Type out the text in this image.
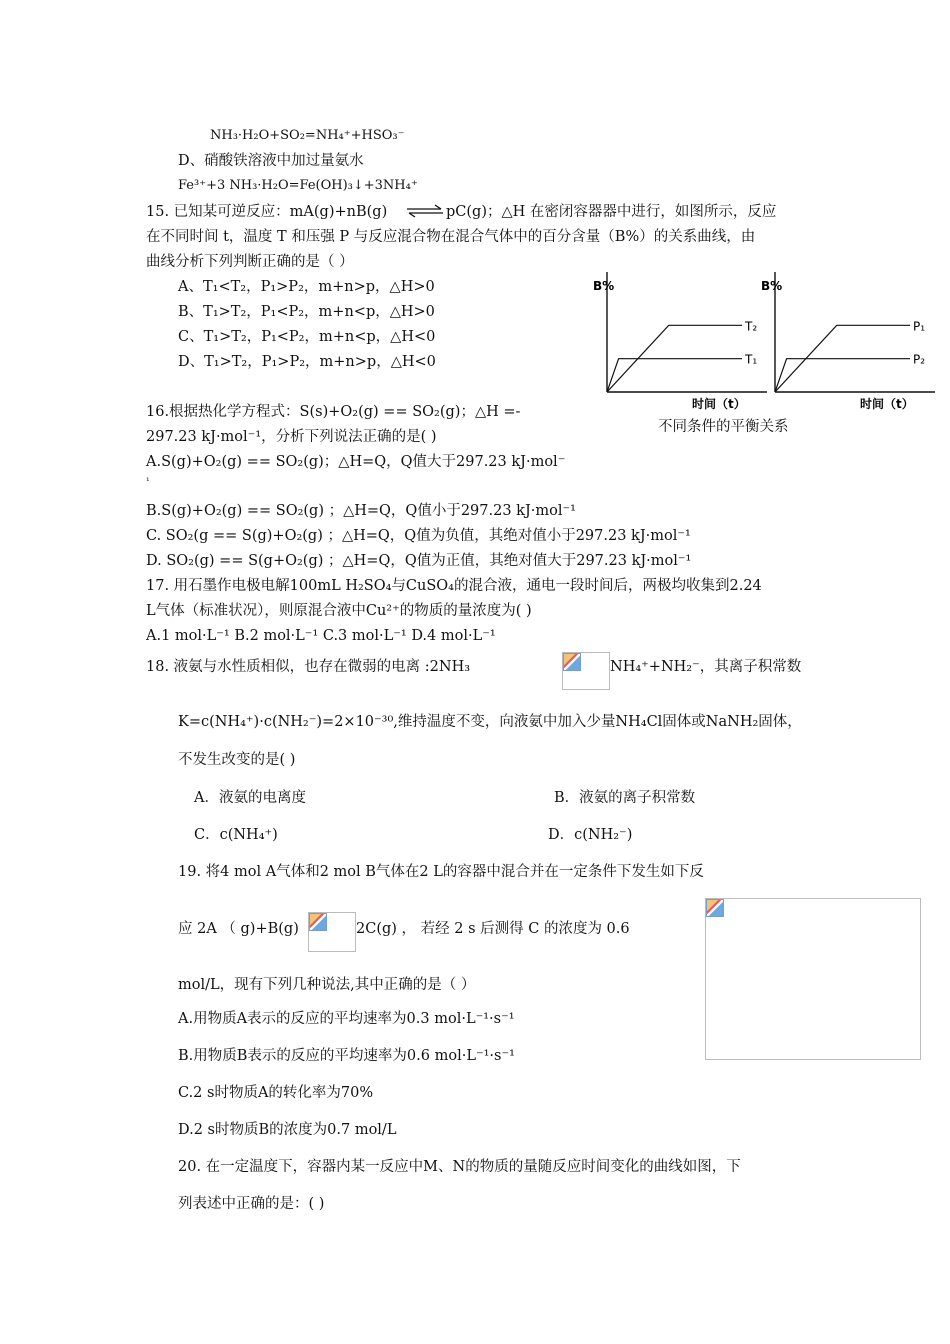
NH₃·H₂O+SO₂=NH₄⁺+HSO₃⁻
D、硝酸铁溶液中加过量氨水
Fe³⁺+3 NH₃·H₂O=Fe(OH)₃↓+3NH₄⁺
15. 已知某可逆反应：mA(g)+nB(g) ⇌ pC(g)；△H 在密闭容器器中进行，如图所示，反应
在不同时间 t，温度 T 和压强 P 与反应混合物在混合气体中的百分含量（B%）的关系曲线，由
曲线分析下列判断正确的是（ ）
A、T₁<T₂，P₁>P₂，m+n>p，△H>0
B、T₁>T₂，P₁<P₂，m+n<p，△H>0
C、T₁>T₂，P₁<P₂，m+n<p，△H<0
D、T₁>T₂，P₁>P₂，m+n>p，△H<0
B%
时间（t）
T₂
T₁
B%
时间（t）
P₁
P₂
不同条件的平衡关系
16.根据热化学方程式：S(s)+O₂(g) == SO₂(g)；△H =-
297.23 kJ·mol⁻¹，分析下列说法正确的是( )
A.S(g)+O₂(g) == SO₂(g)；△H=Q，Q值大于297.23 kJ·mol⁻
¹
B.S(g)+O₂(g) == SO₂(g) ；△H=Q，Q值小于297.23 kJ·mol⁻¹
C. SO₂(g == S(g)+O₂(g) ；△H=Q，Q值为负值，其绝对值小于297.23 kJ·mol⁻¹
D. SO₂(g) == S(g+O₂(g) ；△H=Q，Q值为正值，其绝对值大于297.23 kJ·mol⁻¹
17. 用石墨作电极电解100mL H₂SO₄与CuSO₄的混合液，通电一段时间后，两极均收集到2.24
L气体（标准状况），则原混合液中Cu²⁺的物质的量浓度为( )
A.1 mol·L⁻¹ B.2 mol·L⁻¹ C.3 mol·L⁻¹ D.4 mol·L⁻¹
18. 液氨与水性质相似，也存在微弱的电离 :2NH₃	NH₄⁺+NH₂⁻，其离子积常数
K=c(NH₄⁺)·c(NH₂⁻)=2×10⁻³⁰,维持温度不变，向液氨中加入少量NH₄Cl固体或NaNH₂固体，
不发生改变的是( )
A．液氨的电离度	B．液氨的离子积常数
C．c(NH₄⁺)	D．c(NH₂⁻)
19. 将4 mol A气体和2 mol B气体在2 L的容器中混合并在一定条件下发生如下反
应 2A （ g)+B(g)	2C(g) ， 若经 2 s 后测得 C 的浓度为 0.6
mol/L，现有下列几种说法,其中正确的是（ ）
A.用物质A表示的反应的平均速率为0.3 mol·L⁻¹·s⁻¹
B.用物质B表示的反应的平均速率为0.6 mol·L⁻¹·s⁻¹
C.2 s时物质A的转化率为70%
D.2 s时物质B的浓度为0.7 mol/L
20. 在一定温度下，容器内某一反应中M、N的物质的量随反应时间变化的曲线如图，下
列表述中正确的是：( )
